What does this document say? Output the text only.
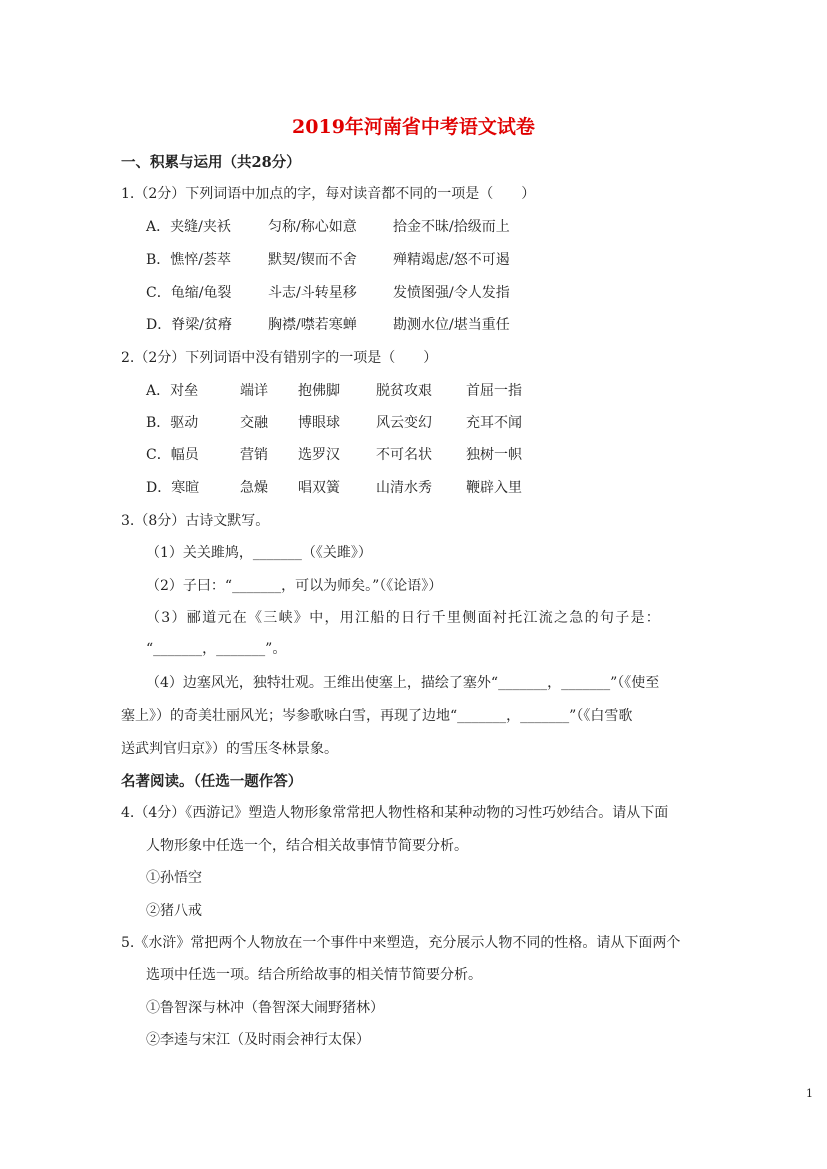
2019年河南省中考语文试卷
一、积累与运用（共28分）
1.（2分）下列词语中加点的字，每对读音都不同的一项是（　　）
A．夹缝/夹袄	匀称/称心如意	拾金不昧/拾级而上
B．憔悴/荟萃	默契/锲而不舍	殚精竭虑/怒不可遏
C．龟缩/龟裂	斗志/斗转星移	发愤图强/令人发指
D．脊梁/贫瘠	胸襟/噤若寒蝉	勘测水位/堪当重任
2.（2分）下列词语中没有错别字的一项是（　　）
A．对垒	端详 抱佛脚	脱贫攻艰 首屈一指
B．驱动	交融 博眼球	风云变幻 充耳不闻
C．幅员	营销 选罗汉	不可名状 独树一帜
D．寒暄	急燥 唱双簧	山清水秀 鞭辟入里
3.（8分）古诗文默写。
（1）关关雎鸠，_______（《关雎》）
（2）子曰：“_______，可以为师矣。”（《论语》）
（3）郦道元在《三峡》中，用江船的日行千里侧面衬托江流之急的句子是：
“_______，_______”。
（4）边塞风光，独特壮观。王维出使塞上，描绘了塞外“_______，_______”（《使至
塞上》）的奇美壮丽风光；岑参歌咏白雪，再现了边地“_______，_______”（《白雪歌
送武判官归京》）的雪压冬林景象。
名著阅读。（任选一题作答）
4.（4分）《西游记》塑造人物形象常常把人物性格和某种动物的习性巧妙结合。请从下面
人物形象中任选一个，结合相关故事情节简要分析。
①孙悟空
②猪八戒
5.《水浒》常把两个人物放在一个事件中来塑造，充分展示人物不同的性格。请从下面两个
选项中任选一项。结合所给故事的相关情节简要分析。
①鲁智深与林冲（鲁智深大闹野猪林）
②李逵与宋江（及时雨会神行太保）
1
